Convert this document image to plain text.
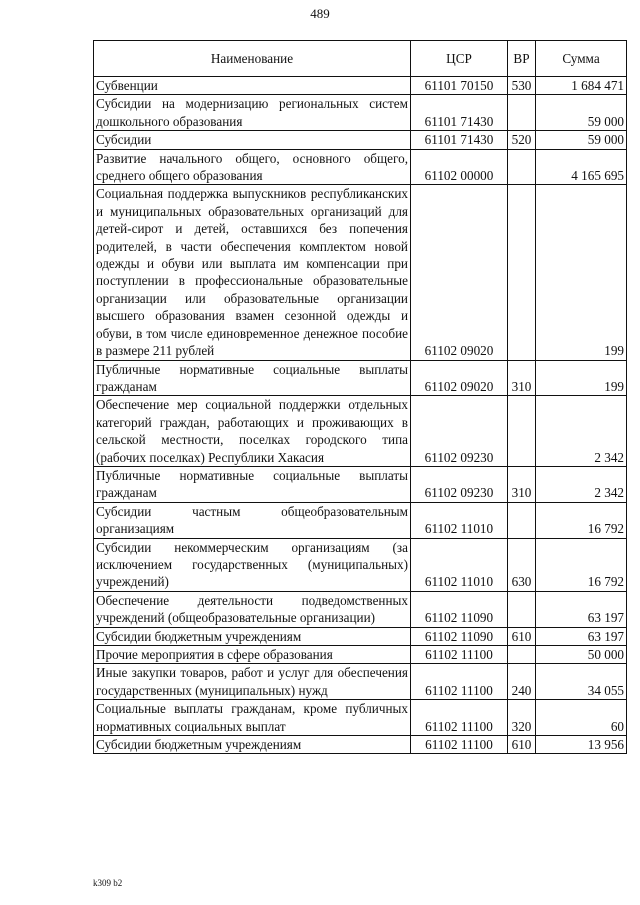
489
Наименование	ЦСР	ВР	Сумма
Субвенции	61101 70150	530	1 684 471
Субсидии на модернизацию региональных систем дошкольного образования	61101 71430		59 000
Субсидии	61101 71430	520	59 000
Развитие начального общего, основного общего, среднего общего образования	61102 00000		4 165 695
Социальная поддержка выпускников республиканских и муниципальных образовательных организаций для детей-сирот и детей, оставшихся без попечения родителей, в части обеспечения комплектом новой одежды и обуви или выплата им компенсации при поступлении в профессиональные образовательные организации или образовательные организации высшего образования взамен сезонной одежды и обуви, в том числе единовременное денежное пособие в размере 211 рублей	61102 09020		199
Публичные нормативные социальные выплаты гражданам	61102 09020	310	199
Обеспечение мер социальной поддержки отдельных категорий граждан, работающих и проживающих в сельской местности, поселках городского типа (рабочих поселках) Республики Хакасия	61102 09230		2 342
Публичные нормативные социальные выплаты гражданам	61102 09230	310	2 342
Субсидии частным общеобразовательным организациям	61102 11010		16 792
Субсидии некоммерческим организациям (за исключением государственных (муниципальных) учреждений)	61102 11010	630	16 792
Обеспечение деятельности подведомственных учреждений (общеобразовательные организации)	61102 11090		63 197
Субсидии бюджетным учреждениям	61102 11090	610	63 197
Прочие мероприятия в сфере образования	61102 11100		50 000
Иные закупки товаров, работ и услуг для обеспечения государственных (муниципальных) нужд	61102 11100	240	34 055
Социальные выплаты гражданам, кроме публичных нормативных социальных выплат	61102 11100	320	60
Субсидии бюджетным учреждениям	61102 11100	610	13 956
k309 b2
